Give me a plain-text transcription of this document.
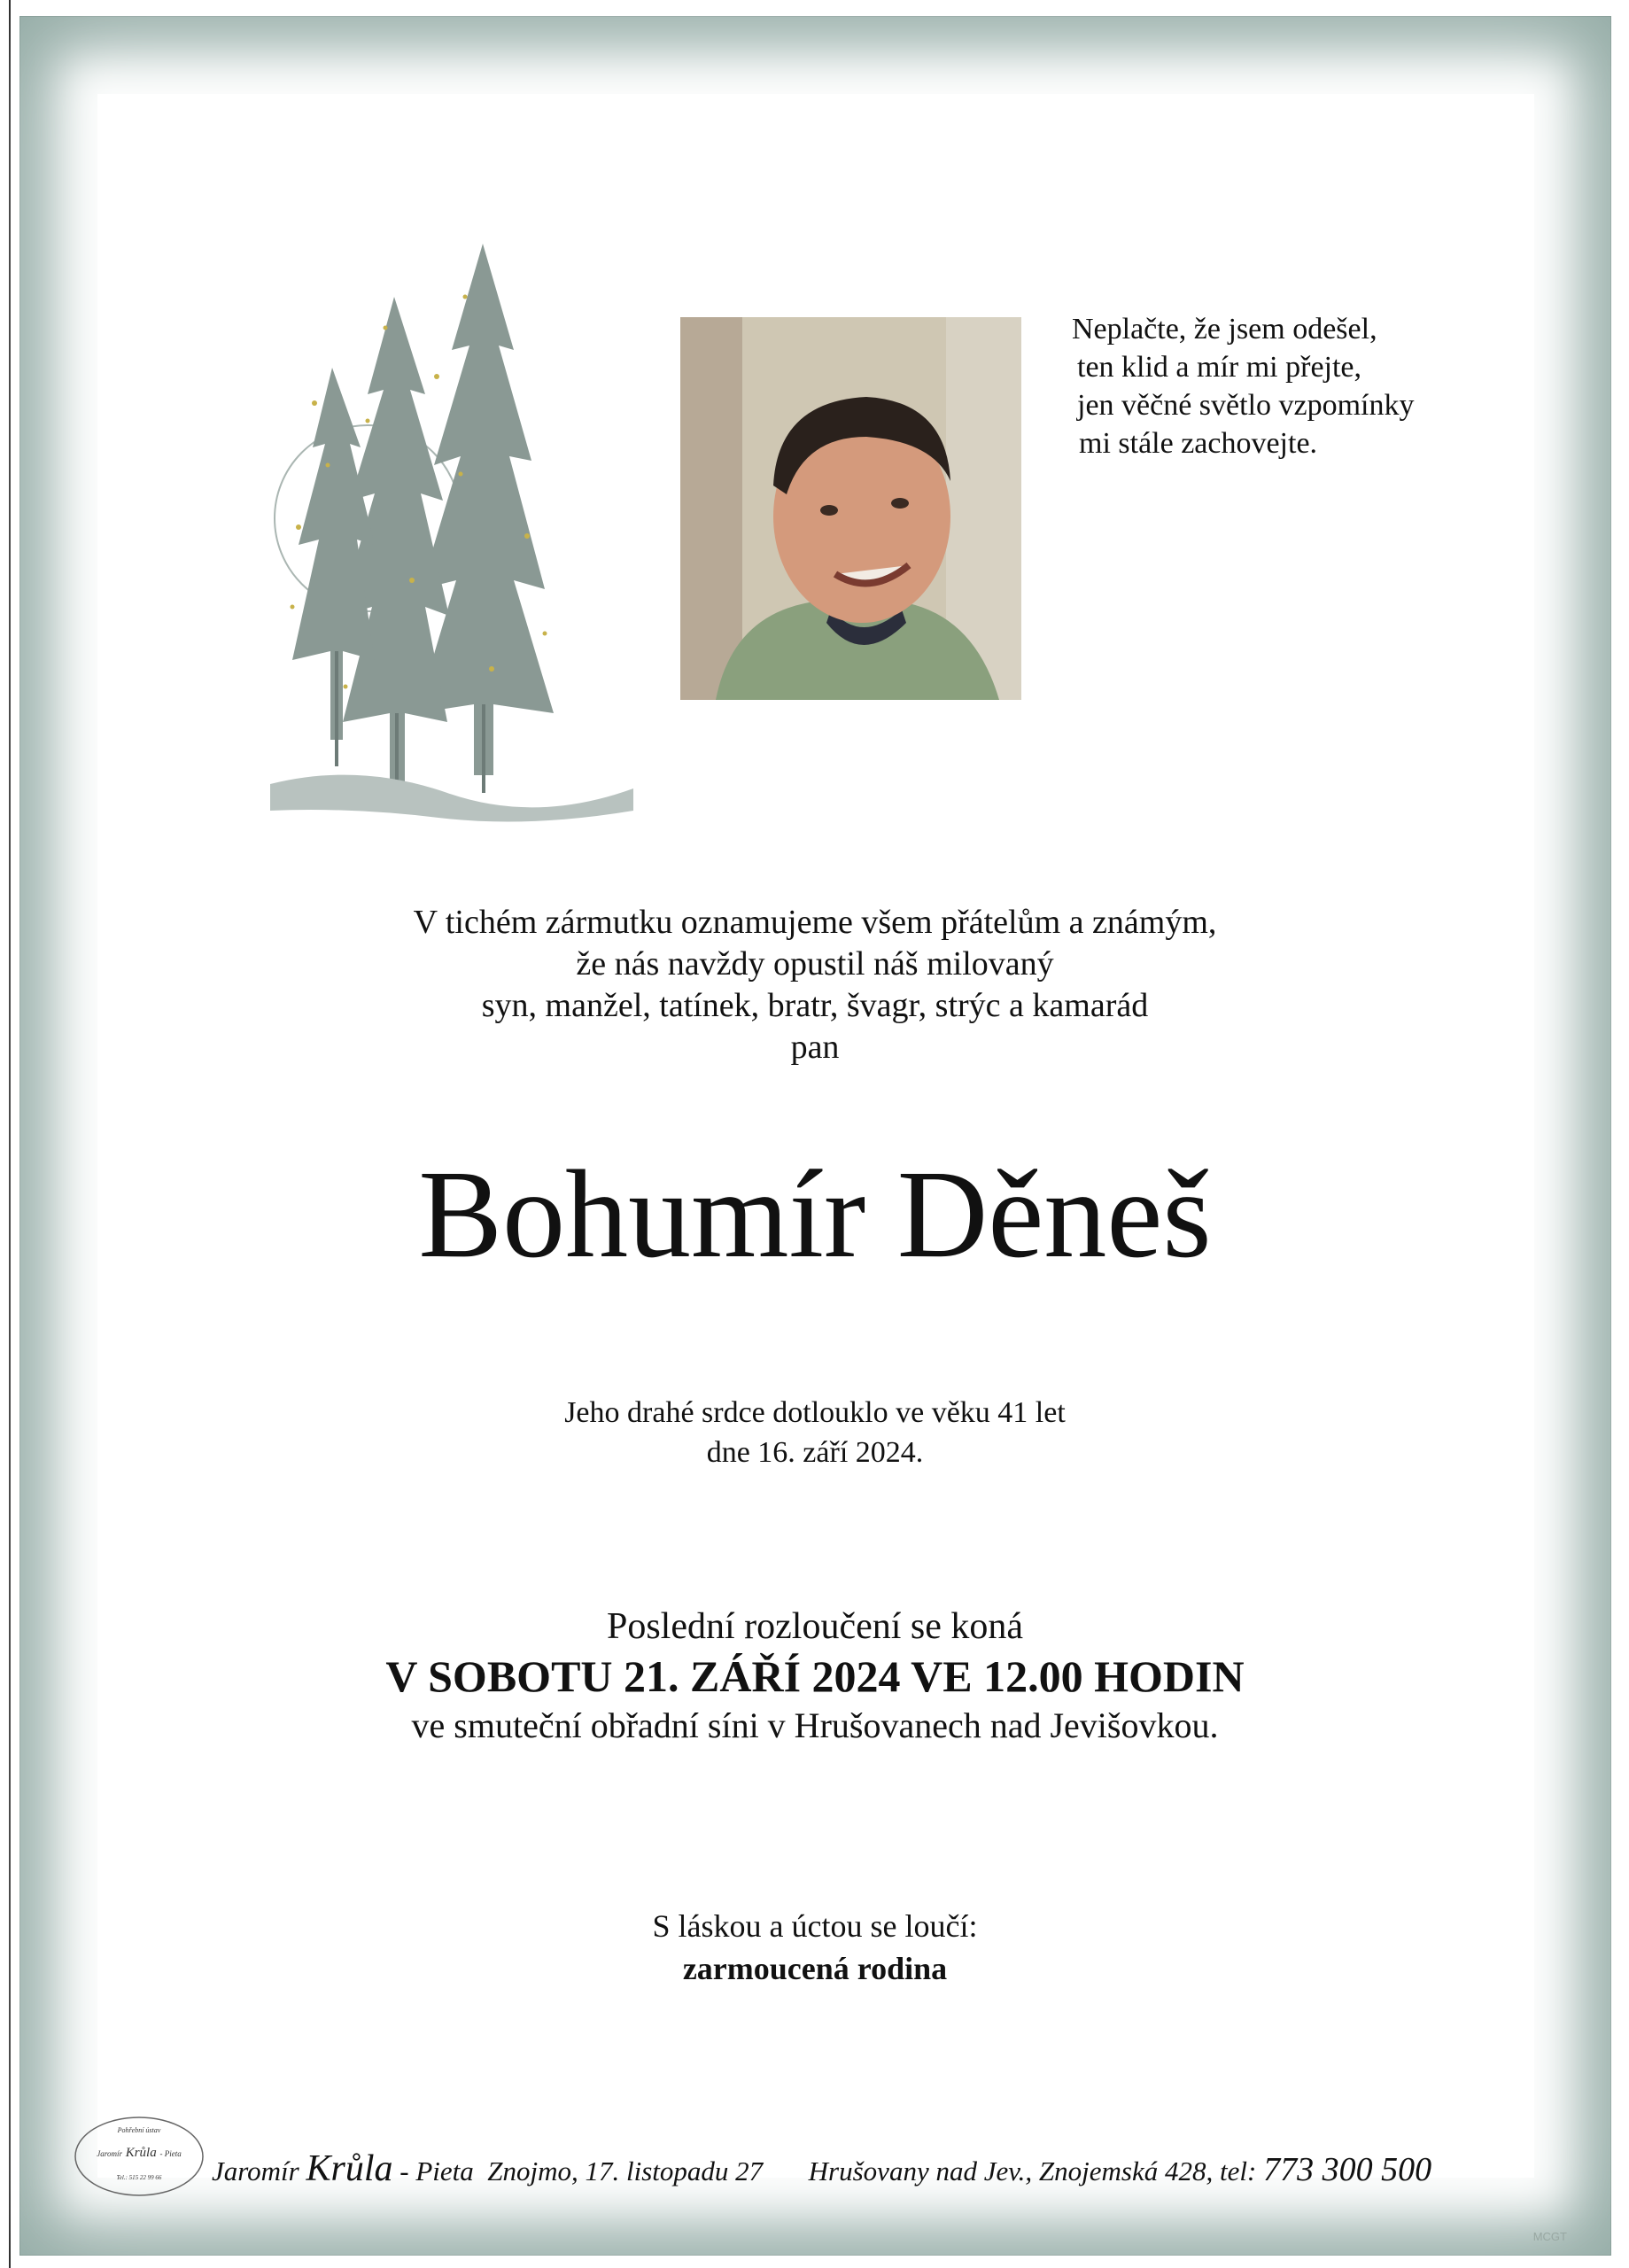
Neplačte, že jsem odešel,
ten klid a mír mi přejte,
jen věčné světlo vzpomínky
mi stále zachovejte.
V tichém zármutku oznamujeme všem přátelům a známým,
že nás navždy opustil náš milovaný
syn, manžel, tatínek, bratr, švagr, strýc a kamarád
pan
Bohumír Děneš
Jeho drahé srdce dotlouklo ve věku 41 let
dne 16. září 2024.
Poslední rozloučení se koná
V SOBOTU 21. ZÁŘÍ 2024 VE 12.00 HODIN
ve smuteční obřadní síni v Hrušovanech nad Jevišovkou.
S láskou a úctou se loučí:
zarmoucená rodina
Pohřební ústav
Jaromír Krůla - Pieta
Tel.: 515 22 99 66	Jaromír Krůla - Pieta  Znojmo, 17. listopadu 27 Hrušovany nad Jev., Znojemská 428, tel: 773 300 500
MCGT
